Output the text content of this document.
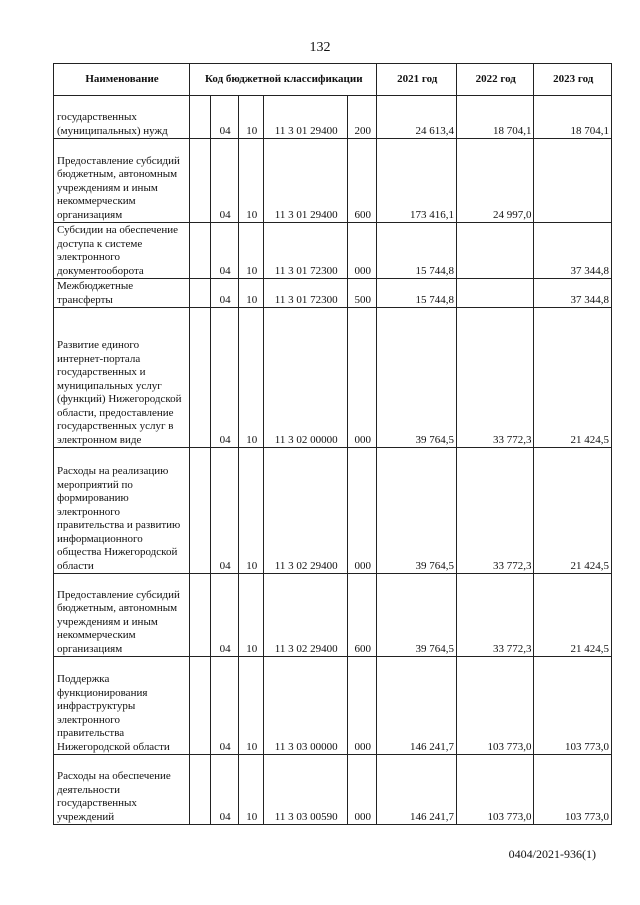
132
Наименование	Код бюджетной классификации					2021 год	2022 год	2023 год
государственных (муниципальных) нужд		04	10	11 3 01 29400	200	24 613,4	18 704,1	18 704,1
Предоставление субсидий бюджетным, автономным учреждениям и иным некоммерческим организациям		04	10	11 3 01 29400	600	173 416,1	24 997,0	
Субсидии на обеспечение доступа к системе электронного документооборота		04	10	11 3 01 72300	000	15 744,8		37 344,8
Межбюджетные трансферты		04	10	11 3 01 72300	500	15 744,8		37 344,8
Развитие единого интернет-портала государственных и муниципальных услуг (функций) Нижегородской области, предоставление государственных услуг в электронном виде		04	10	11 3 02 00000	000	39 764,5	33 772,3	21 424,5
Расходы на реализацию мероприятий по формированию электронного правительства и развитию информационного общества Нижегородской области		04	10	11 3 02 29400	000	39 764,5	33 772,3	21 424,5
Предоставление субсидий бюджетным, автономным учреждениям и иным некоммерческим организациям		04	10	11 3 02 29400	600	39 764,5	33 772,3	21 424,5
Поддержка функционирования инфраструктуры электронного правительства Нижегородской области		04	10	11 3 03 00000	000	146 241,7	103 773,0	103 773,0
Расходы на обеспечение деятельности государственных учреждений		04	10	11 3 03 00590	000	146 241,7	103 773,0	103 773,0
0404/2021-936(1)
